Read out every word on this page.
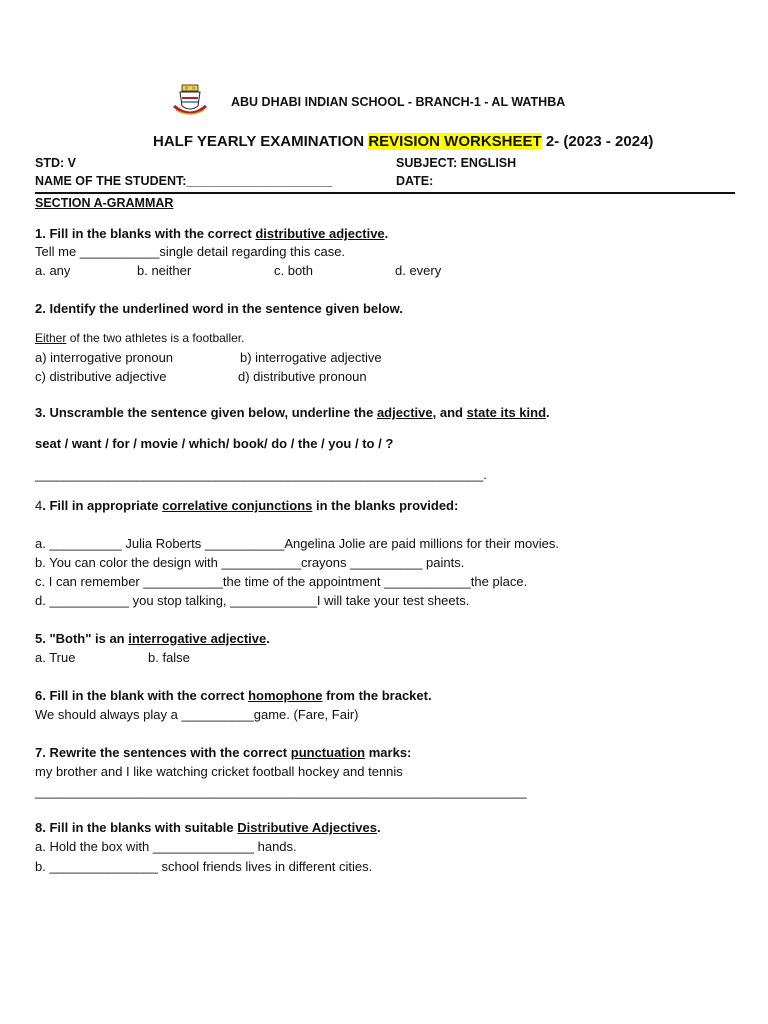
ABU DHABI INDIAN SCHOOL - BRANCH-1 - AL WATHBA
HALF YEARLY EXAMINATION REVISION WORKSHEET 2- (2023 - 2024)
STD: V	SUBJECT: ENGLISH
NAME OF THE STUDENT:_____________________	DATE:
SECTION A-GRAMMAR
1. Fill in the blanks with the correct distributive adjective.
Tell me ___________single detail regarding this case.
a. any	b. neither	c. both	d. every
2. Identify the underlined word in the sentence given below.
Either of the two athletes is a footballer.
a) interrogative pronoun	b) interrogative adjective
c) distributive adjective	d) distributive pronoun
3. Unscramble the sentence given below, underline the adjective, and state its kind.
seat / want / for / movie / which/ book/ do / the / you / to / ?
______________________________________________________________.
4. Fill in appropriate correlative conjunctions in the blanks provided:
a. __________ Julia Roberts ___________Angelina Jolie are paid millions for their movies.
b. You can color the design with ___________crayons __________ paints.
c. I can remember ___________the time of the appointment ____________the place.
d. ___________ you stop talking, ____________I will take your test sheets.
5. "Both" is an interrogative adjective.
a. True	b. false
6. Fill in the blank with the correct homophone from the bracket.
We should always play a __________game. (Fare, Fair)
7. Rewrite the sentences with the correct punctuation marks:
my brother and I like watching cricket football hockey and tennis
____________________________________________________________________
8. Fill in the blanks with suitable Distributive Adjectives.
a. Hold the box with ______________ hands.
b. _______________ school friends lives in different cities.
